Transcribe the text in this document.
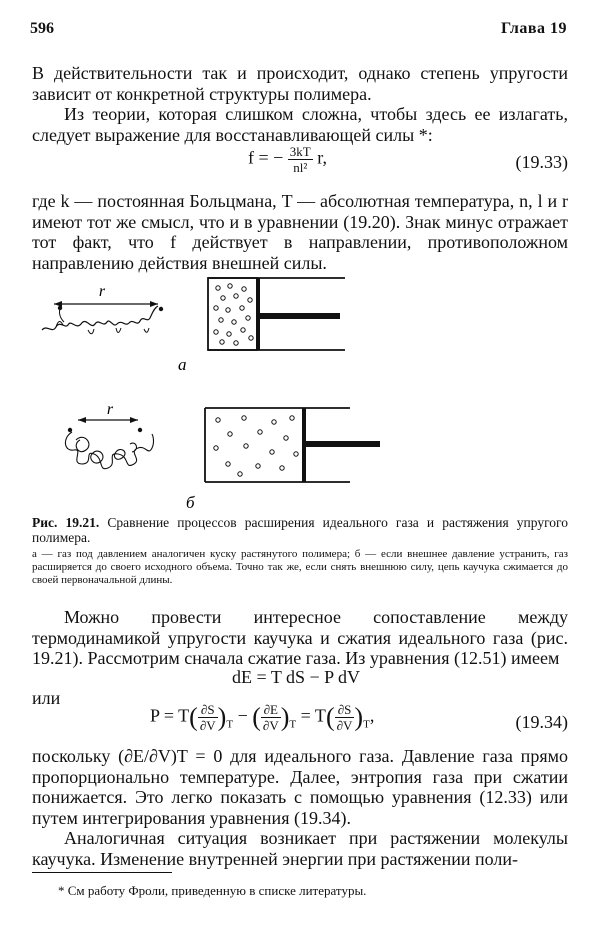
596	Глава 19
В действительности так и происходит, однако степень упругости зависит от конкретной структуры полимера.
Из теории, которая слишком сложна, чтобы здесь ее излагать, следует выражение для восстанавливающей силы *:
f = − $\frac{3kT}{\text{nl²}} r$,	(19.33)
где k — постоянная Больцмана, T — абсолютная температура, n, l и r имеют тот же смысл, что и в уравнении (19.20). Знак минус отражает тот факт, что f действует в направлении, противоположном направлению действия внешней силы.
r
а
r
б
Рис. 19.21. Сравнение процессов расширения идеального газа и растяжения упругого полимера.
а — газ под давлением аналогичен куску растянутого полимера; б — если внешнее давление устранить, газ расширяется до своего исходного объема. Точно так же, если снять внешнюю силу, цепь каучука сжимается до своей первоначальной длины.
Можно провести интересное сопоставление между термодинамикой упругости каучука и сжатия идеального газа (рис. 19.21). Рассмотрим сначала сжатие газа. Из уравнения (12.51) имеем
dE = T dS − P dV
или
$P = T( \frac{\partial S}{\partial V} )_T$ − ( $\frac{\partial E}{\partial V} )_T = T( \frac{\partial S}{\partial V} )_T$,	(19.34)
поскольку (∂E/∂V)T = 0 для идеального газа. Давление газа прямо пропорционально температуре. Далее, энтропия газа при сжатии понижается. Это легко показать с помощью уравнения (12.33) или путем интегрирования уравнения (19.34).
Аналогичная ситуация возникает при растяжении молекулы каучука. Изменение внутренней энергии при растяжении поли-
* См работу Фроли, приведенную в списке литературы.
